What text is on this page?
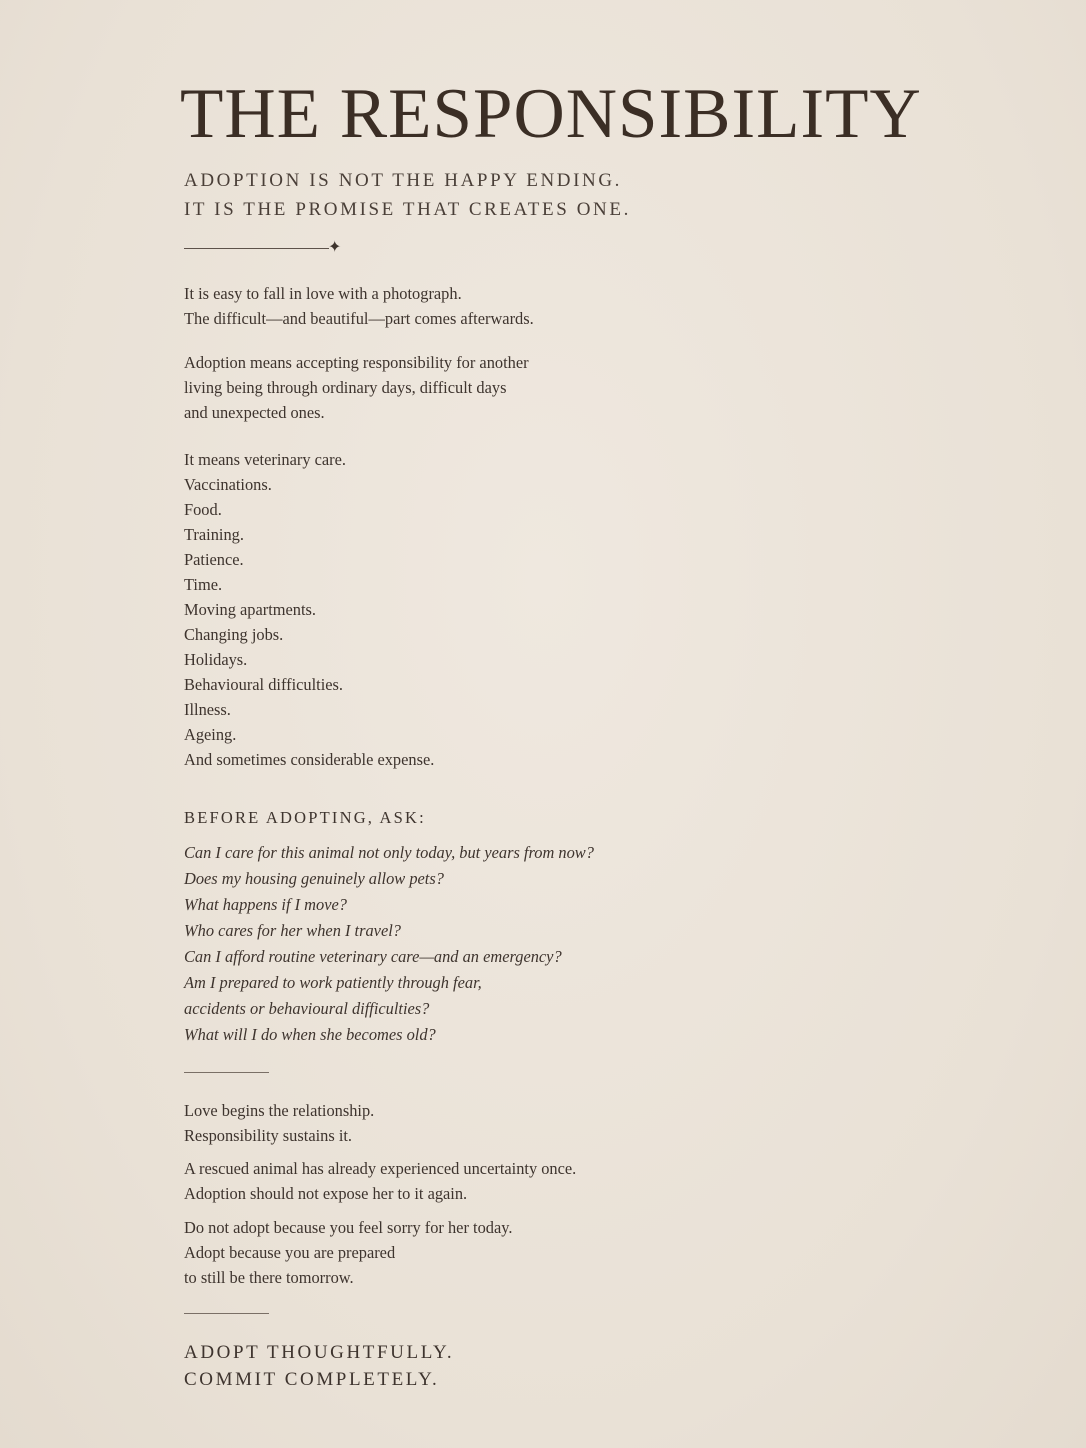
THE RESPONSIBILITY
ADOPTION IS NOT THE HAPPY ENDING.
IT IS THE PROMISE THAT CREATES ONE.
✦
It is easy to fall in love with a photograph.
The difficult—and beautiful—part comes afterwards.
Adoption means accepting responsibility for another
living being through ordinary days, difficult days
and unexpected ones.
It means veterinary care.
Vaccinations.
Food.
Training.
Patience.
Time.
Moving apartments.
Changing jobs.
Holidays.
Behavioural difficulties.
Illness.
Ageing.
And sometimes considerable expense.
BEFORE ADOPTING, ASK:
Can I care for this animal not only today, but years from now?
Does my housing genuinely allow pets?
What happens if I move?
Who cares for her when I travel?
Can I afford routine veterinary care—and an emergency?
Am I prepared to work patiently through fear,
accidents or behavioural difficulties?
What will I do when she becomes old?
Love begins the relationship.
Responsibility sustains it.
A rescued animal has already experienced uncertainty once.
Adoption should not expose her to it again.
Do not adopt because you feel sorry for her today.
Adopt because you are prepared
to still be there tomorrow.
ADOPT THOUGHTFULLY.
COMMIT COMPLETELY.
